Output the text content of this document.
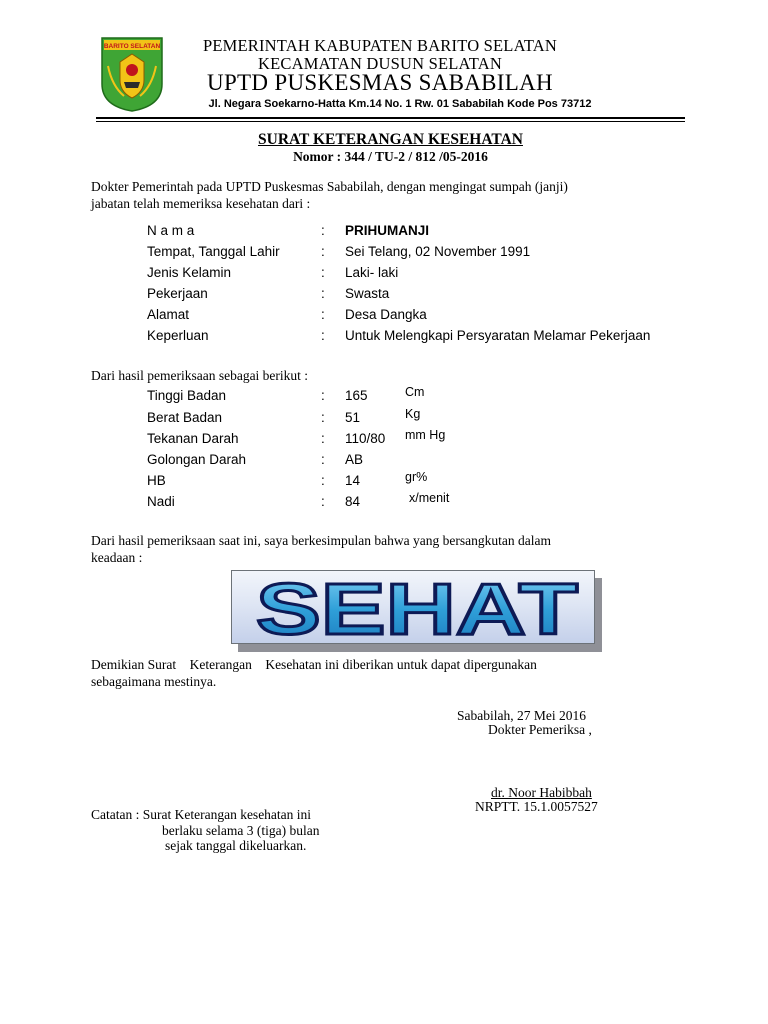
BARITO SELATAN	PEMERINTAH KABUPATEN BARITO SELATAN
KECAMATAN DUSUN SELATAN
UPTD PUSKESMAS SABABILAH
Jl. Negara Soekarno-Hatta Km.14 No. 1 Rw. 01 Sababilah Kode Pos 73712
SURAT KETERANGAN KESEHATAN
Nomor : 344 / TU-2 / 812 /05-2016
Dokter Pemerintah pada UPTD Puskesmas Sababilah, dengan mengingat sumpah (janji)
jabatan telah memeriksa kesehatan dari :
N a m a	: PRIHUMANJI
Tempat, Tanggal Lahir	: Sei Telang, 02 November 1991
Jenis Kelamin	: Laki- laki
Pekerjaan	: Swasta
Alamat	: Desa Dangka
Keperluan	: Untuk Melengkapi Persyaratan Melamar Pekerjaan
Dari hasil pemeriksaan sebagai berikut :
Tinggi Badan	: 165	Cm
Berat Badan	: 51	Kg
Tekanan Darah	: 110/80 mm Hg
Golongan Darah	: AB
HB	: 14	gr%
Nadi	: 84	x/menit
Dari hasil pemeriksaan saat ini, saya berkesimpulan bahwa yang bersangkutan dalam
keadaan :
SEHAT
Demikian Surat    Keterangan    Kesehatan ini diberikan untuk dapat dipergunakan
sebagaimana mestinya.
Sababilah, 27 Mei 2016
Dokter Pemeriksa ,
dr. Noor Habibbah
NRPTT. 15.1.0057527
Catatan : Surat Keterangan kesehatan ini
berlaku selama 3 (tiga) bulan
sejak tanggal dikeluarkan.
